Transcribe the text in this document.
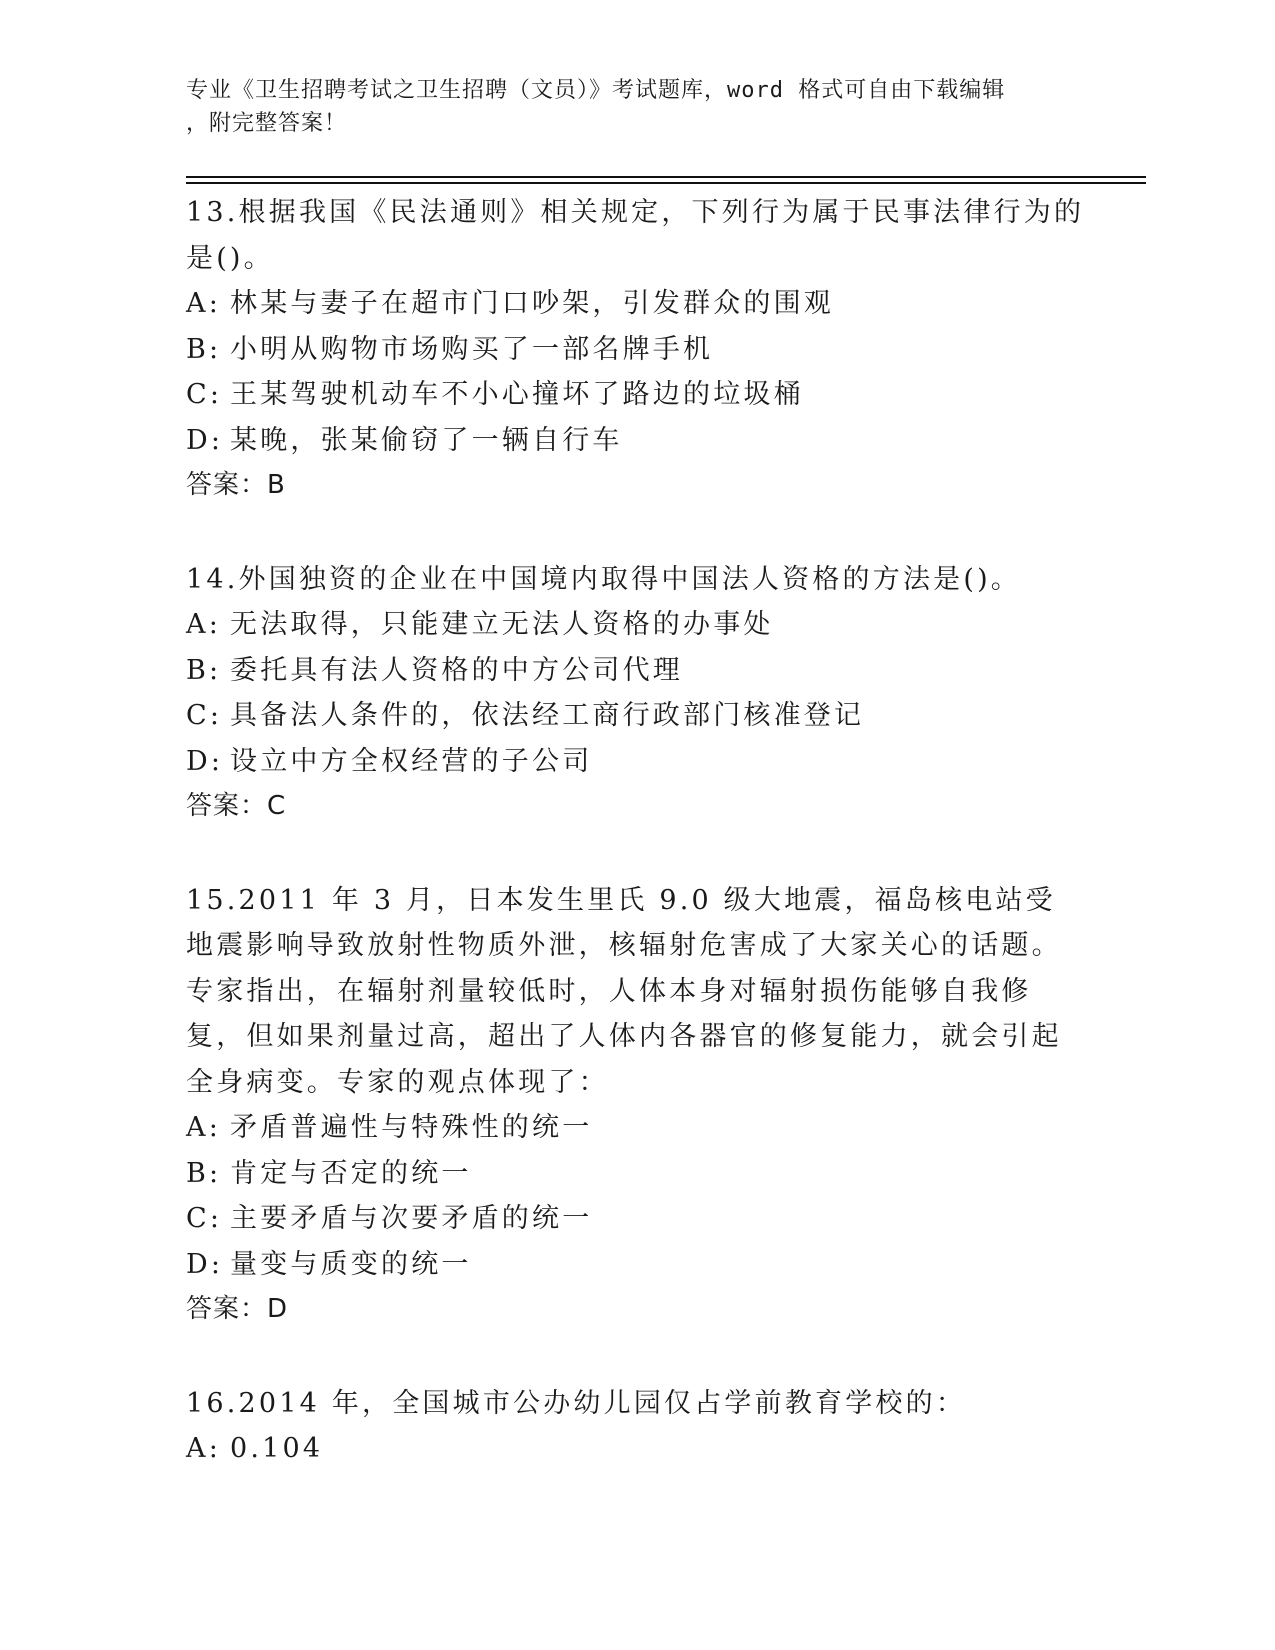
专业《卫生招聘考试之卫生招聘（文员）》考试题库，word 格式可自由下载编辑
，附完整答案！

13.根据我国《民法通则》相关规定，下列行为属于民事法律行为的是()。

A: 林某与妻子在超市门口吵架，引发群众的围观
B: 小明从购物市场购买了一部名牌手机
C: 王某驾驶机动车不小心撞坏了路边的垃圾桶
D: 某晚，张某偷窃了一辆自行车
答案：B

14.外国独资的企业在中国境内取得中国法人资格的方法是()。

A: 无法取得，只能建立无法人资格的办事处
B: 委托具有法人资格的中方公司代理
C: 具备法人条件的，依法经工商行政部门核准登记
D: 设立中方全权经营的子公司
答案：C

15.2011 年 3 月，日本发生里氏 9.0 级大地震，福岛核电站受地震影响导致放射性物质外泄，核辐射危害成了大家关心的话题。专家指出，在辐射剂量较低时，人体本身对辐射损伤能够自我修复，但如果剂量过高，超出了人体内各器官的修复能力，就会引起全身病变。专家的观点体现了：

A: 矛盾普遍性与特殊性的统一
B: 肯定与否定的统一
C: 主要矛盾与次要矛盾的统一
D: 量变与质变的统一
答案：D

16.2014 年，全国城市公办幼儿园仅占学前教育学校的：

A: 0.104
